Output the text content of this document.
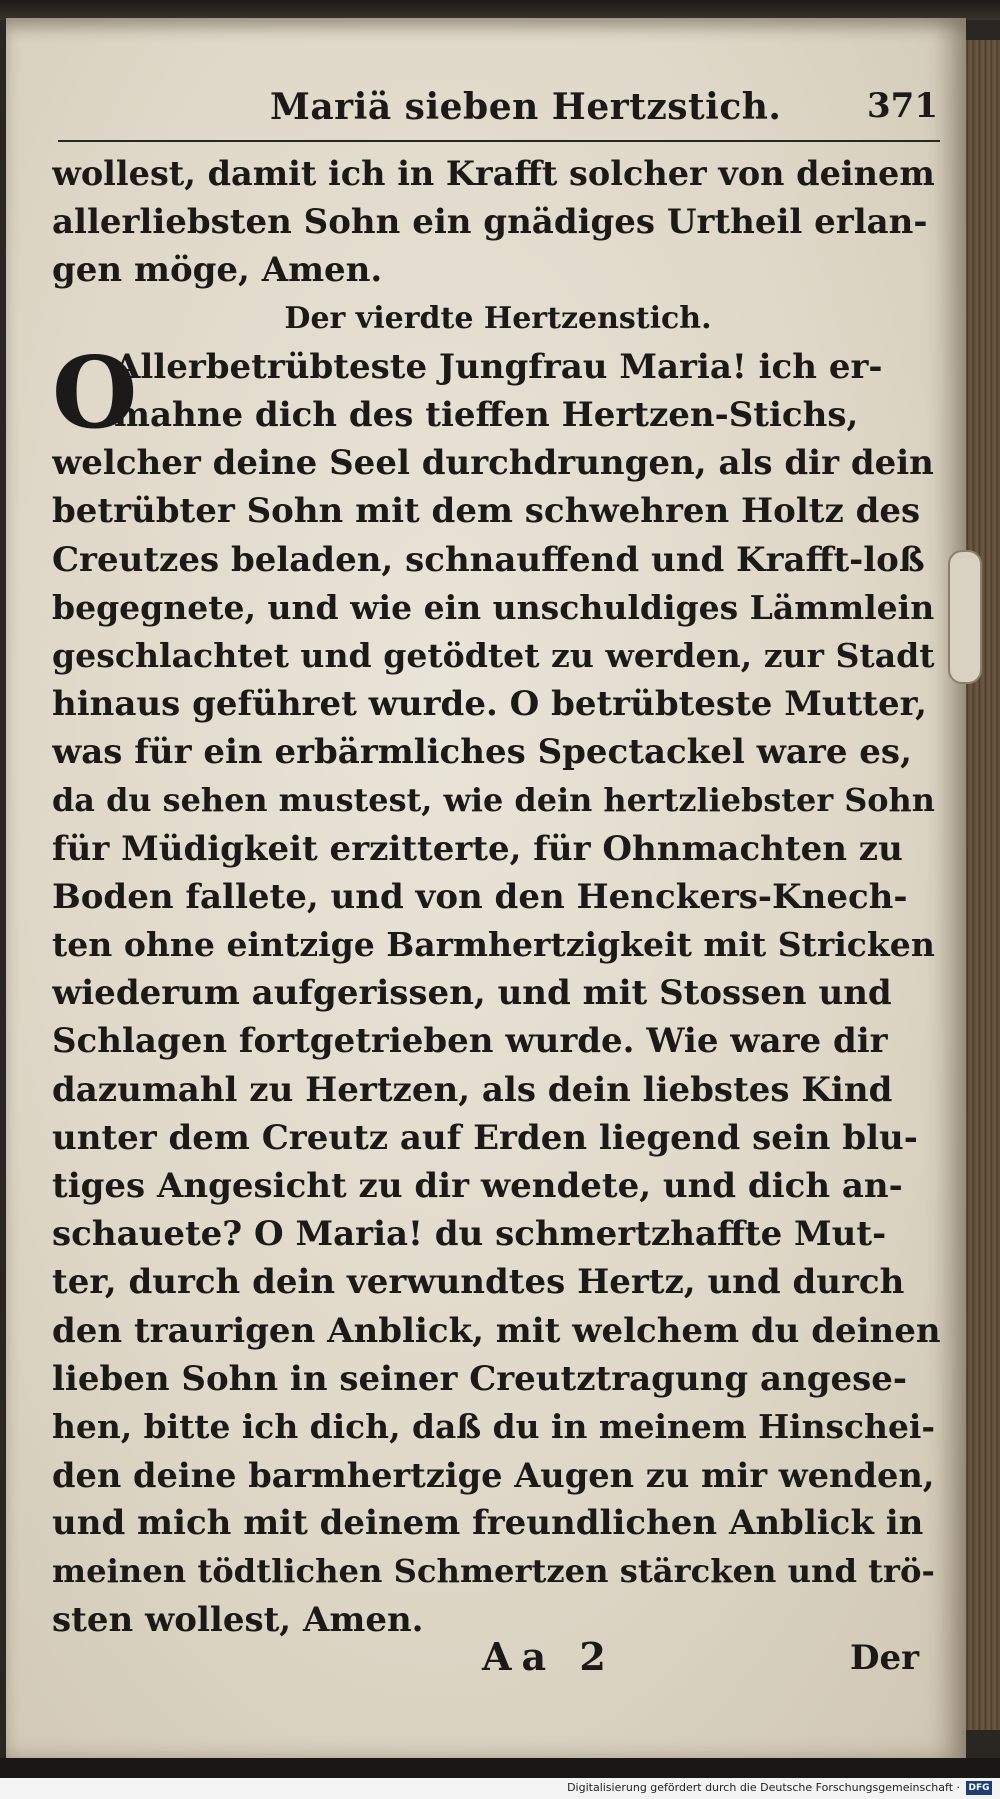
Mariä sieben Hertzstich.	371
wollest, damit ich in Krafft solcher von deinem
allerliebsten Sohn ein gnädiges Urtheil erlan-
gen möge, Amen.
Der vierdte Hertzenstich.
Allerbetrübteste Jungfrau Maria! ich er-
mahne dich des tieffen Hertzen-Stichs,
welcher deine Seel durchdrungen, als dir dein
betrübter Sohn mit dem schwehren Holtz des
Creutzes beladen, schnauffend und Krafft-loß
begegnete, und wie ein unschuldiges Lämmlein
geschlachtet und getödtet zu werden, zur Stadt
hinaus geführet wurde. O betrübteste Mutter,
was für ein erbärmliches Spectackel ware es,
da du sehen mustest, wie dein hertzliebster Sohn
für Müdigkeit erzitterte, für Ohnmachten zu
Boden fallete, und von den Henckers-Knech-
ten ohne eintzige Barmhertzigkeit mit Stricken
wiederum aufgerissen, und mit Stossen und
Schlagen fortgetrieben wurde. Wie ware dir
dazumahl zu Hertzen, als dein liebstes Kind
unter dem Creutz auf Erden liegend sein blu-
tiges Angesicht zu dir wendete, und dich an-
schauete? O Maria! du schmertzhaffte Mut-
ter, durch dein verwundtes Hertz, und durch
den traurigen Anblick, mit welchem du deinen
lieben Sohn in seiner Creutztragung angese-
hen, bitte ich dich, daß du in meinem Hinschei-
den deine barmhertzige Augen zu mir wenden,
und mich mit deinem freundlichen Anblick in
meinen tödtlichen Schmertzen stärcken und trö-
sten wollest, Amen.
O
Aa 2	Der
Digitalisierung gefördert durch die Deutsche Forschungsgemeinschaft · DFG
